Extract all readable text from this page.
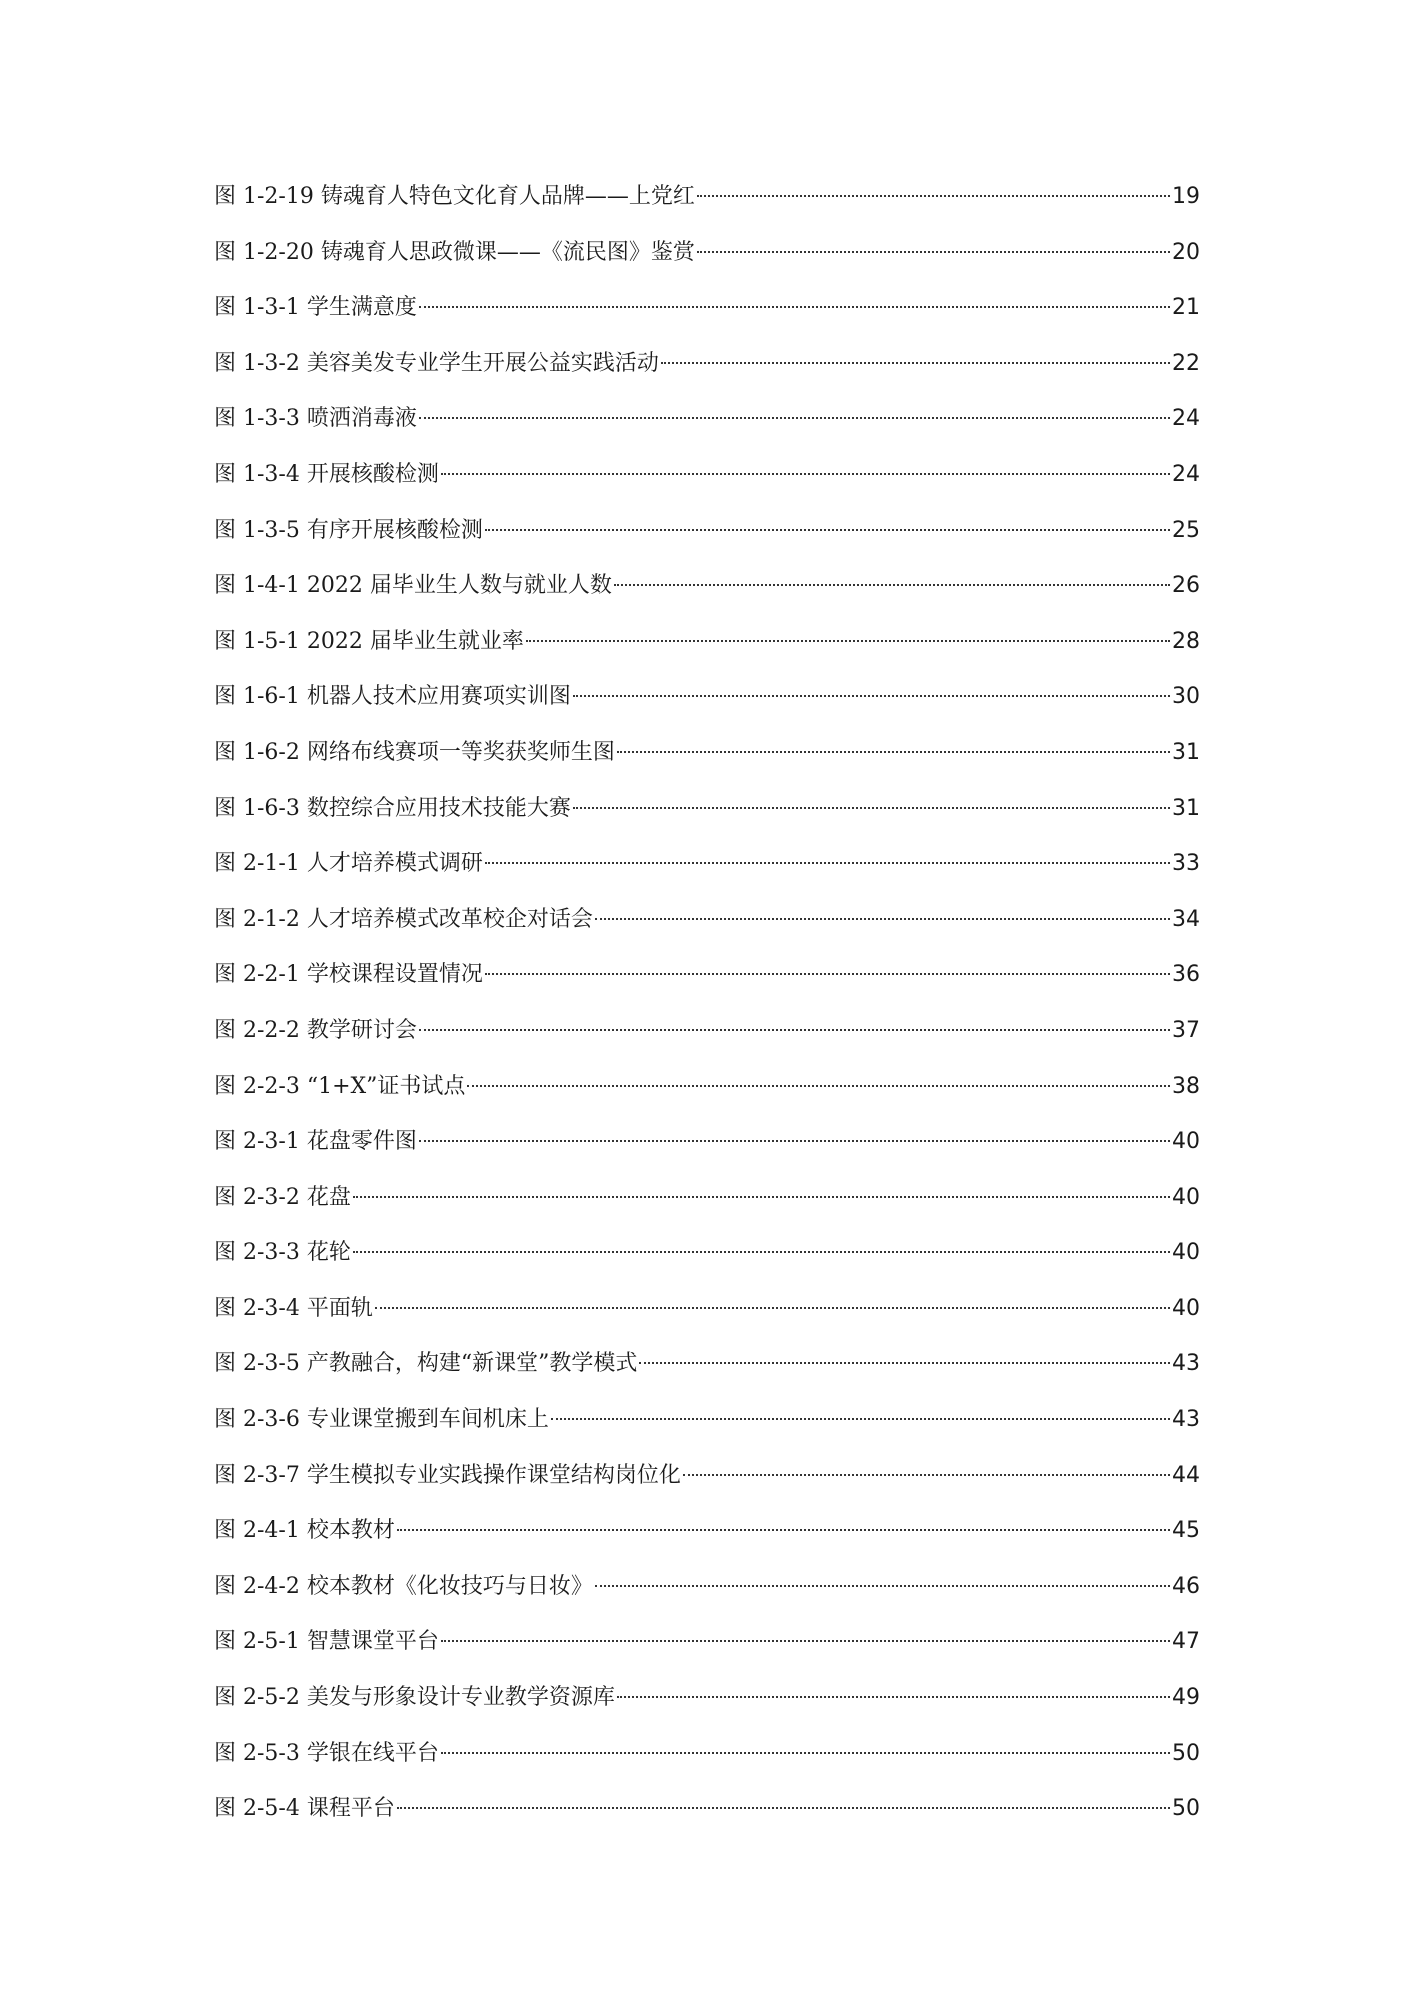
图 1-2-19 铸魂育人特色文化育人品牌——上党红	19
图 1-2-20 铸魂育人思政微课——《流民图》鉴赏	20
图 1-3-1 学生满意度	21
图 1-3-2 美容美发专业学生开展公益实践活动	22
图 1-3-3 喷洒消毒液	24
图 1-3-4 开展核酸检测	24
图 1-3-5 有序开展核酸检测	25
图 1-4-1 2022 届毕业生人数与就业人数	26
图 1-5-1 2022 届毕业生就业率	28
图 1-6-1 机器人技术应用赛项实训图	30
图 1-6-2 网络布线赛项一等奖获奖师生图	31
图 1-6-3 数控综合应用技术技能大赛	31
图 2-1-1 人才培养模式调研	33
图 2-1-2 人才培养模式改革校企对话会	34
图 2-2-1 学校课程设置情况	36
图 2-2-2 教学研讨会	37
图 2-2-3 “1+X”证书试点	38
图 2-3-1 花盘零件图	40
图 2-3-2 花盘	40
图 2-3-3 花轮	40
图 2-3-4 平面轨	40
图 2-3-5 产教融合，构建“新课堂”教学模式	43
图 2-3-6 专业课堂搬到车间机床上	43
图 2-3-7 学生模拟专业实践操作课堂结构岗位化	44
图 2-4-1 校本教材	45
图 2-4-2 校本教材《化妆技巧与日妆》	46
图 2-5-1 智慧课堂平台	47
图 2-5-2 美发与形象设计专业教学资源库	49
图 2-5-3 学银在线平台	50
图 2-5-4 课程平台	50
